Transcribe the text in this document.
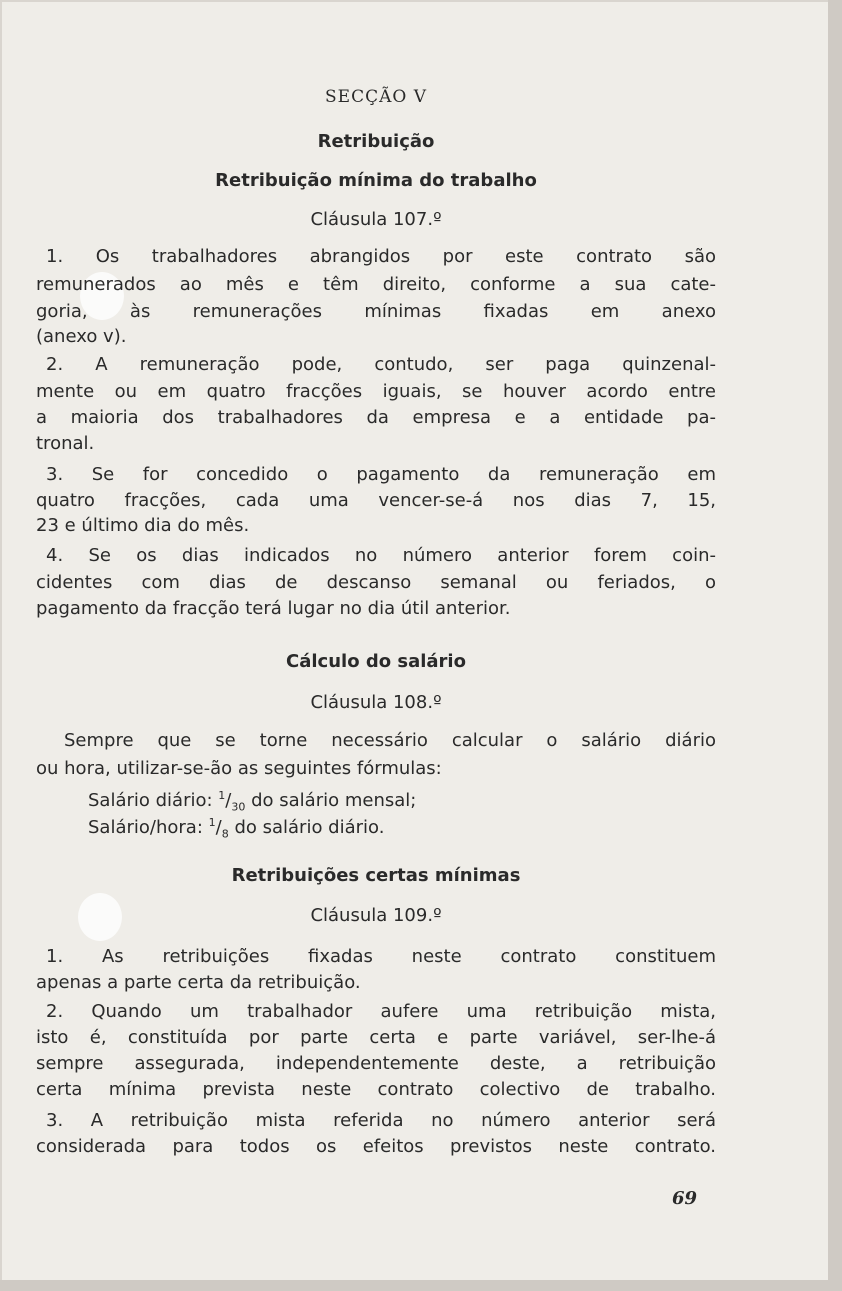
SECÇÃO V
Retribuição
Retribuição mínima do trabalho
Cláusula 107.º
1. Os trabalhadores abrangidos por este contrato são
remunerados ao mês e têm direito, conforme a sua cate-
goria, às remunerações mínimas fixadas em anexo
(anexo v).
2. A remuneração pode, contudo, ser paga quinzenal-
mente ou em quatro fracções iguais, se houver acordo entre
a maioria dos trabalhadores da empresa e a entidade pa-
tronal.
3. Se for concedido o pagamento da remuneração em
quatro fracções, cada uma vencer-se-á nos dias 7, 15,
23 e último dia do mês.
4. Se os dias indicados no número anterior forem coin-
cidentes com dias de descanso semanal ou feriados, o
pagamento da fracção terá lugar no dia útil anterior.
Cálculo do salário
Cláusula 108.º
Sempre que se torne necessário calcular o salário diário
ou hora, utilizar-se-ão as seguintes fórmulas:
Salário diário: $^1/_{30}$ do salário mensal;
Salário/hora: $^1/_8$ do salário diário.
Retribuições certas mínimas
Cláusula 109.º
1. As retribuições fixadas neste contrato constituem
apenas a parte certa da retribuição.
2. Quando um trabalhador aufere uma retribuição mista,
isto é, constituída por parte certa e parte variável, ser-lhe-á
sempre assegurada, independentemente deste, a retribuição
certa mínima prevista neste contrato colectivo de trabalho.
3. A retribuição mista referida no número anterior será
considerada para todos os efeitos previstos neste contrato.
69
